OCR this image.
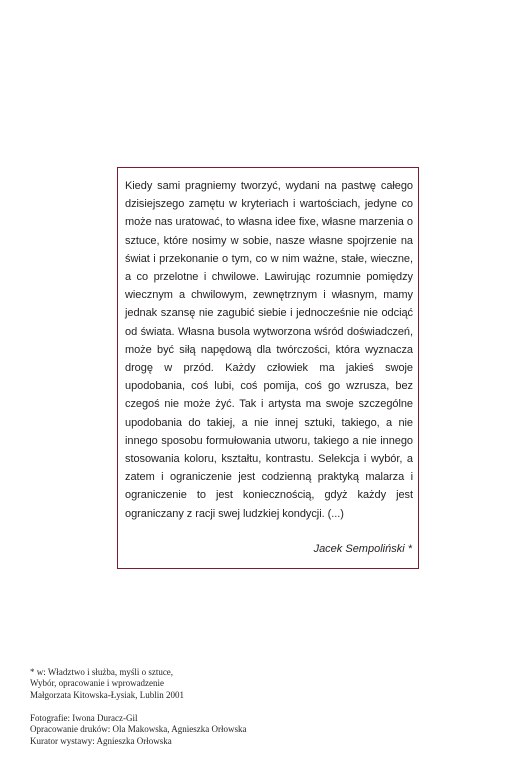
Kiedy sami pragniemy tworzyć, wydani na pastwę całego dzisiejszego zamętu w kryteriach i wartościach, jedyne co może nas uratować, to własna idee fixe, własne marzenia o sztuce, które nosimy w sobie, nasze własne spojrzenie na świat i przekonanie o tym, co w nim ważne, stałe, wieczne, a co przelotne i chwilowe. Lawirując rozumnie pomiędzy wiecznym a chwilowym, zewnętrznym i własnym, mamy jednak szansę nie zagubić siebie i jednocześnie nie odciąć od świata. Własna busola wytworzona wśród doświadczeń, może być siłą napędową dla twórczości, która wyznacza drogę w przód. Każdy człowiek ma jakieś swoje upodobania, coś lubi, coś pomija, coś go wzrusza, bez czegoś nie może żyć. Tak i artysta ma swoje szczególne upodobania do takiej, a nie innej sztuki, takiego, a nie innego sposobu formułowania utworu, takiego a nie innego stosowania koloru, kształtu, kontrastu. Selekcja i wybór, a zatem i ograniczenie jest codzienną praktyką malarza i ograniczenie to jest koniecznością, gdyż każdy jest ograniczany z racji swej ludzkiej kondycji. (...)

Jacek Sempoliński *

* w: Władztwo i służba, myśli o sztuce,
Wybór, opracowanie i wprowadzenie
Małgorzata Kitowska-Łysiak, Lublin 2001
Fotografie: Iwona Duracz-Gil
Opracowanie druków: Ola Makowska, Agnieszka Orłowska
Kurator wystawy: Agnieszka Orłowska
